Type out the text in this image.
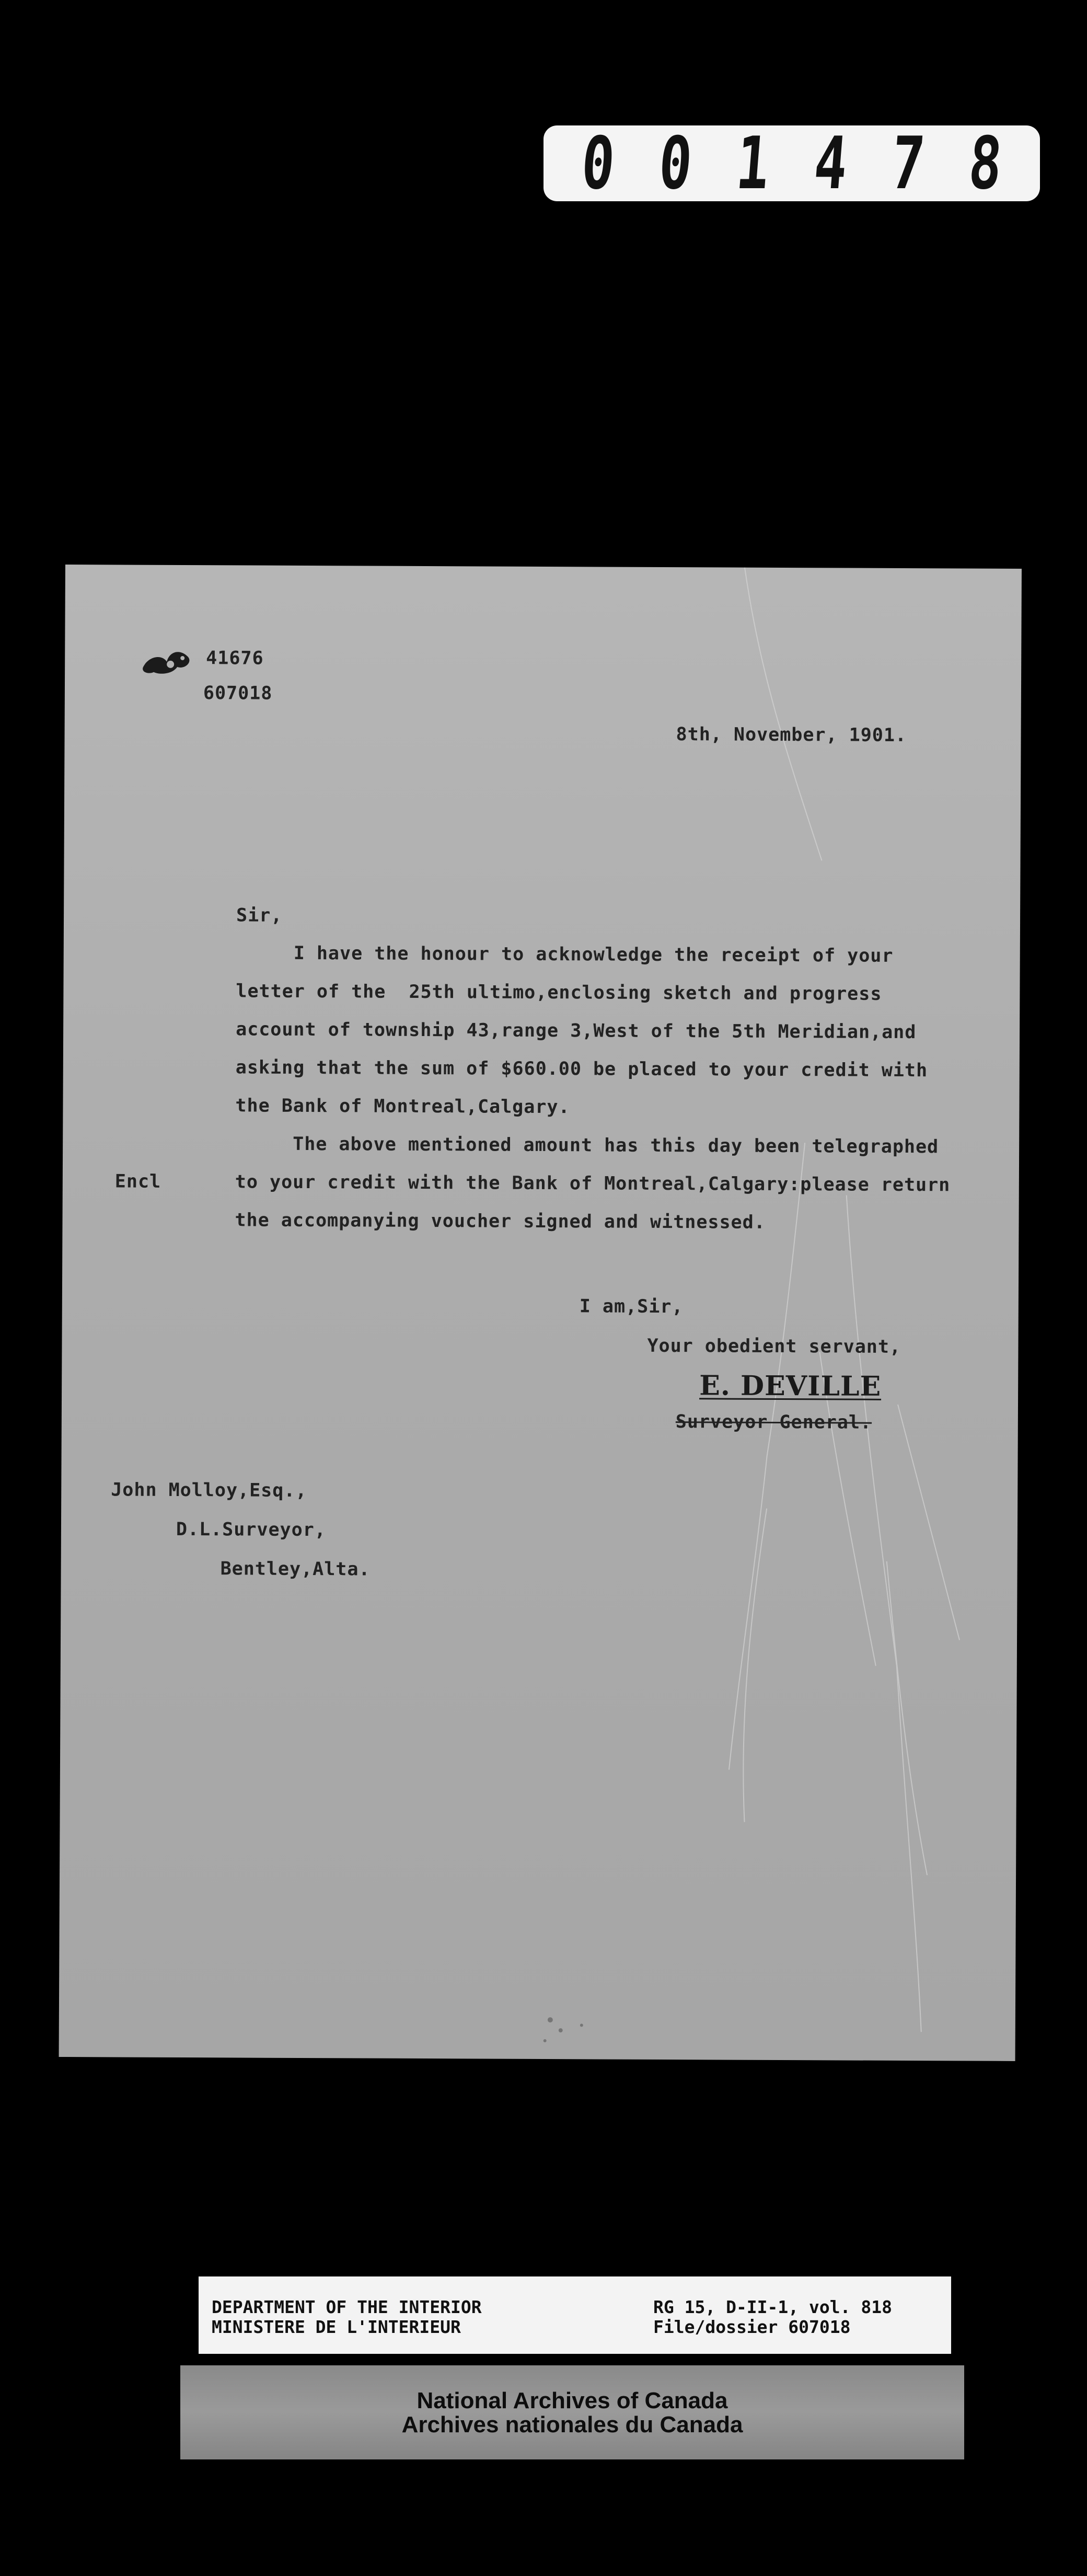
0 0 1 4 7 8
41676
607018
8th, November, 1901.
Sir,
I have the honour to acknowledge the receipt of your
letter of the  25th ultimo,enclosing sketch and progress
account of township 43,range 3,West of the 5th Meridian,and
asking that the sum of $660.00 be placed to your credit with
the Bank of Montreal,Calgary.
The above mentioned amount has this day been telegraphed
to your credit with the Bank of Montreal,Calgary:please return
the accompanying voucher signed and witnessed.
Encl
I am,Sir,
Your obedient servant,
E. DEVILLE
Surveyor General.
John Molloy,Esq.,
D.L.Surveyor,
Bentley,Alta.
DEPARTMENT OF THE INTERIOR
MINISTERE DE L'INTERIEUR
RG 15, D-II-1, vol. 818
File/dossier 607018
National Archives of Canada
Archives nationales du Canada
